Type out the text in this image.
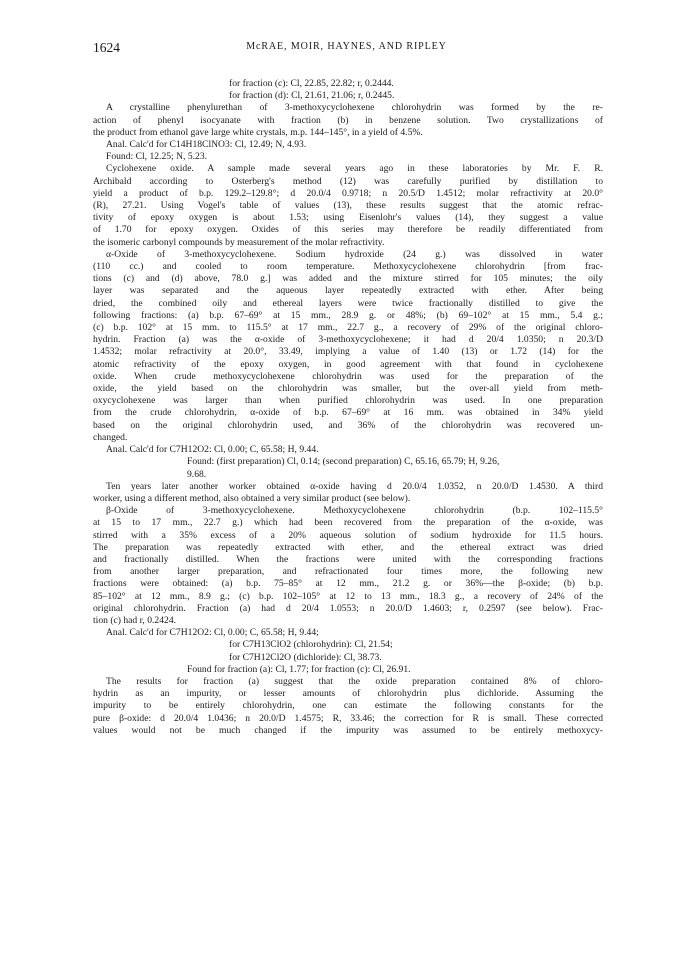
1624	McRAE, MOIR, HAYNES, AND RIPLEY

for fraction (c): Cl, 22.85, 22.82; r, 0.2444.

for fraction (d): Cl, 21.61, 21.06; r, 0.2445.

A crystalline phenylurethan of 3-methoxycyclohexene chlorohydrin was formed by the re-

action of phenyl isocyanate with fraction (b) in benzene solution. Two crystallizations of

the product from ethanol gave large white crystals, m.p. 144–145°, in a yield of 4.5%.

Anal. Calc'd for C14H18ClNO3: Cl, 12.49; N, 4.93.

Found: Cl, 12.25; N, 5.23.

Cyclohexene oxide. A sample made several years ago in these laboratories by Mr. F. R.

Archibald according to Osterberg's method (12) was carefully purified by distillation to

yield a product of b.p. 129.2–129.8°; d 20.0/4 0.9718; n 20.5/D 1.4512; molar refractivity at 20.0°

(R), 27.21. Using Vogel's table of values (13), these results suggest that the atomic refrac-

tivity of epoxy oxygen is about 1.53; using Eisenlohr's values (14), they suggest a value

of 1.70 for epoxy oxygen. Oxides of this series may therefore be readily differentiated from

the isomeric carbonyl compounds by measurement of the molar refractivity.

α-Oxide of 3-methoxycyclohexene. Sodium hydroxide (24 g.) was dissolved in water

(110 cc.) and cooled to room temperature. Methoxycyclohexene chlorohydrin [from frac-

tions (c) and (d) above, 78.0 g.] was added and the mixture stirred for 105 minutes; the oily

layer was separated and the aqueous layer repeatedly extracted with ether. After being

dried, the combined oily and ethereal layers were twice fractionally distilled to give the

following fractions: (a) b.p. 67–69° at 15 mm., 28.9 g. or 48%; (b) 69–102° at 15 mm., 5.4 g.;

(c) b.p. 102° at 15 mm. to 115.5° at 17 mm., 22.7 g., a recovery of 29% of the original chloro-

hydrin. Fraction (a) was the α-oxide of 3-methoxycyclohexene; it had d 20/4 1.0350; n 20.3/D

1.4532; molar refractivity at 20.0°, 33.49, implying a value of 1.40 (13) or 1.72 (14) for the

atomic refractivity of the epoxy oxygen, in good agreement with that found in cyclohexene

oxide. When crude methoxycyclohexene chlorohydrin was used for the preparation of the

oxide, the yield based on the chlorohydrin was smaller, but the over-all yield from meth-

oxycyclohexene was larger than when purified chlorohydrin was used. In one preparation

from the crude chlorohydrin, α-oxide of b.p. 67–69° at 16 mm. was obtained in 34% yield

based on the original chlorohydrin used, and 36% of the chlorohydrin was recovered un-

changed.

Anal. Calc'd for C7H12O2: Cl, 0.00; C, 65.58; H, 9.44.

Found: (first preparation) Cl, 0.14; (second preparation) C, 65.16, 65.79; H, 9.26,

9.68.

Ten years later another worker obtained α-oxide having d 20.0/4 1.0352, n 20.0/D 1.4530. A third

worker, using a different method, also obtained a very similar product (see below).

β-Oxide of 3-methoxycyclohexene. Methoxycyclohexene chlorohydrin (b.p. 102–115.5°

at 15 to 17 mm., 22.7 g.) which had been recovered from the preparation of the α-oxide, was

stirred with a 35% excess of a 20% aqueous solution of sodium hydroxide for 11.5 hours.

The preparation was repeatedly extracted with ether, and the ethereal extract was dried

and fractionally distilled. When the fractions were united with the corresponding fractions

from another larger preparation, and refractionated four times more, the following new

fractions were obtained: (a) b.p. 75–85° at 12 mm., 21.2 g. or 36%—the β-oxide; (b) b.p.

85–102° at 12 mm., 8.9 g.; (c) b.p. 102–105° at 12 to 13 mm., 18.3 g., a recovery of 24% of the

original chlorohydrin. Fraction (a) had d 20/4 1.0553; n 20.0/D 1.4603; r, 0.2597 (see below). Frac-

tion (c) had r, 0.2424.

Anal. Calc'd for C7H12O2: Cl, 0.00; C, 65.58; H, 9.44;

for C7H13ClO2 (chlorohydrin): Cl, 21.54;

for C7H12Cl2O (dichloride): Cl, 38.73.

Found for fraction (a): Cl, 1.77; for fraction (c): Cl, 26.91.

The results for fraction (a) suggest that the oxide preparation contained 8% of chloro-

hydrin as an impurity, or lesser amounts of chlorohydrin plus dichloride. Assuming the

impurity to be entirely chlorohydrin, one can estimate the following constants for the

pure β-oxide: d 20.0/4 1.0436; n 20.0/D 1.4575; R, 33.46; the correction for R is small. These corrected

values would not be much changed if the impurity was assumed to be entirely methoxycy-
